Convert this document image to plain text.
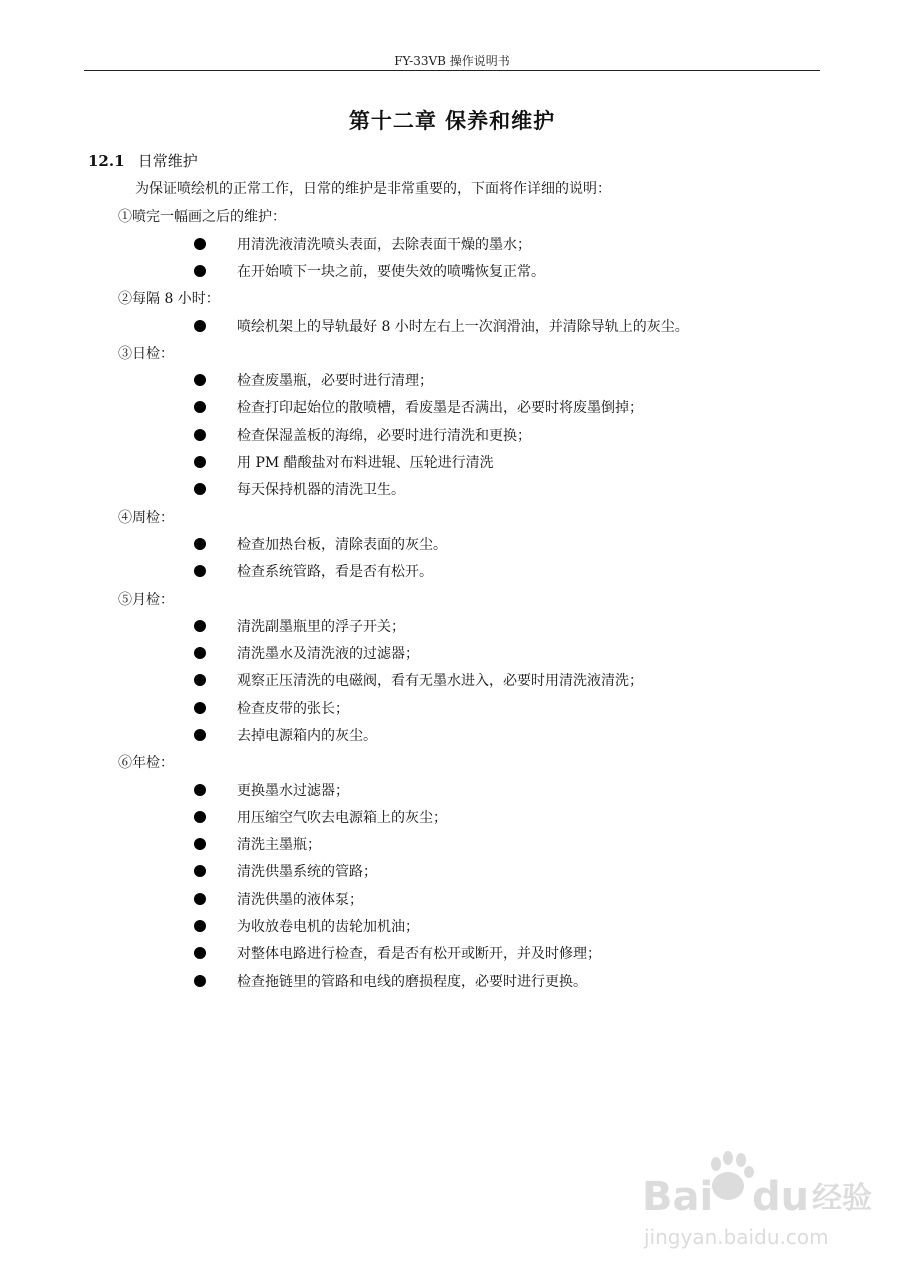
FY-33VB 操作说明书
第十二章 保养和维护
12.1 日常维护
为保证喷绘机的正常工作，日常的维护是非常重要的，下面将作详细的说明：
①喷完一幅画之后的维护：
用清洗液清洗喷头表面，去除表面干燥的墨水；
在开始喷下一块之前，要使失效的喷嘴恢复正常。
②每隔 8 小时：
喷绘机架上的导轨最好 8 小时左右上一次润滑油，并清除导轨上的灰尘。
③日检：
检查废墨瓶，必要时进行清理；
检查打印起始位的散喷槽，看废墨是否满出，必要时将废墨倒掉；
检查保湿盖板的海绵，必要时进行清洗和更换；
用 PM 醋酸盐对布料进辊、压轮进行清洗
每天保持机器的清洗卫生。
④周检：
检查加热台板，清除表面的灰尘。
检查系统管路，看是否有松开。
⑤月检：
清洗副墨瓶里的浮子开关；
清洗墨水及清洗液的过滤器；
观察正压清洗的电磁阀，看有无墨水进入，必要时用清洗液清洗；
检查皮带的张长；
去掉电源箱内的灰尘。
⑥年检：
更换墨水过滤器；
用压缩空气吹去电源箱上的灰尘；
清洗主墨瓶；
清洗供墨系统的管路；
清洗供墨的液体泵；
为收放卷电机的齿轮加机油；
对整体电路进行检查，看是否有松开或断开，并及时修理；
检查拖链里的管路和电线的磨损程度，必要时进行更换。
Bai du 经验
jingyan.baidu.com
